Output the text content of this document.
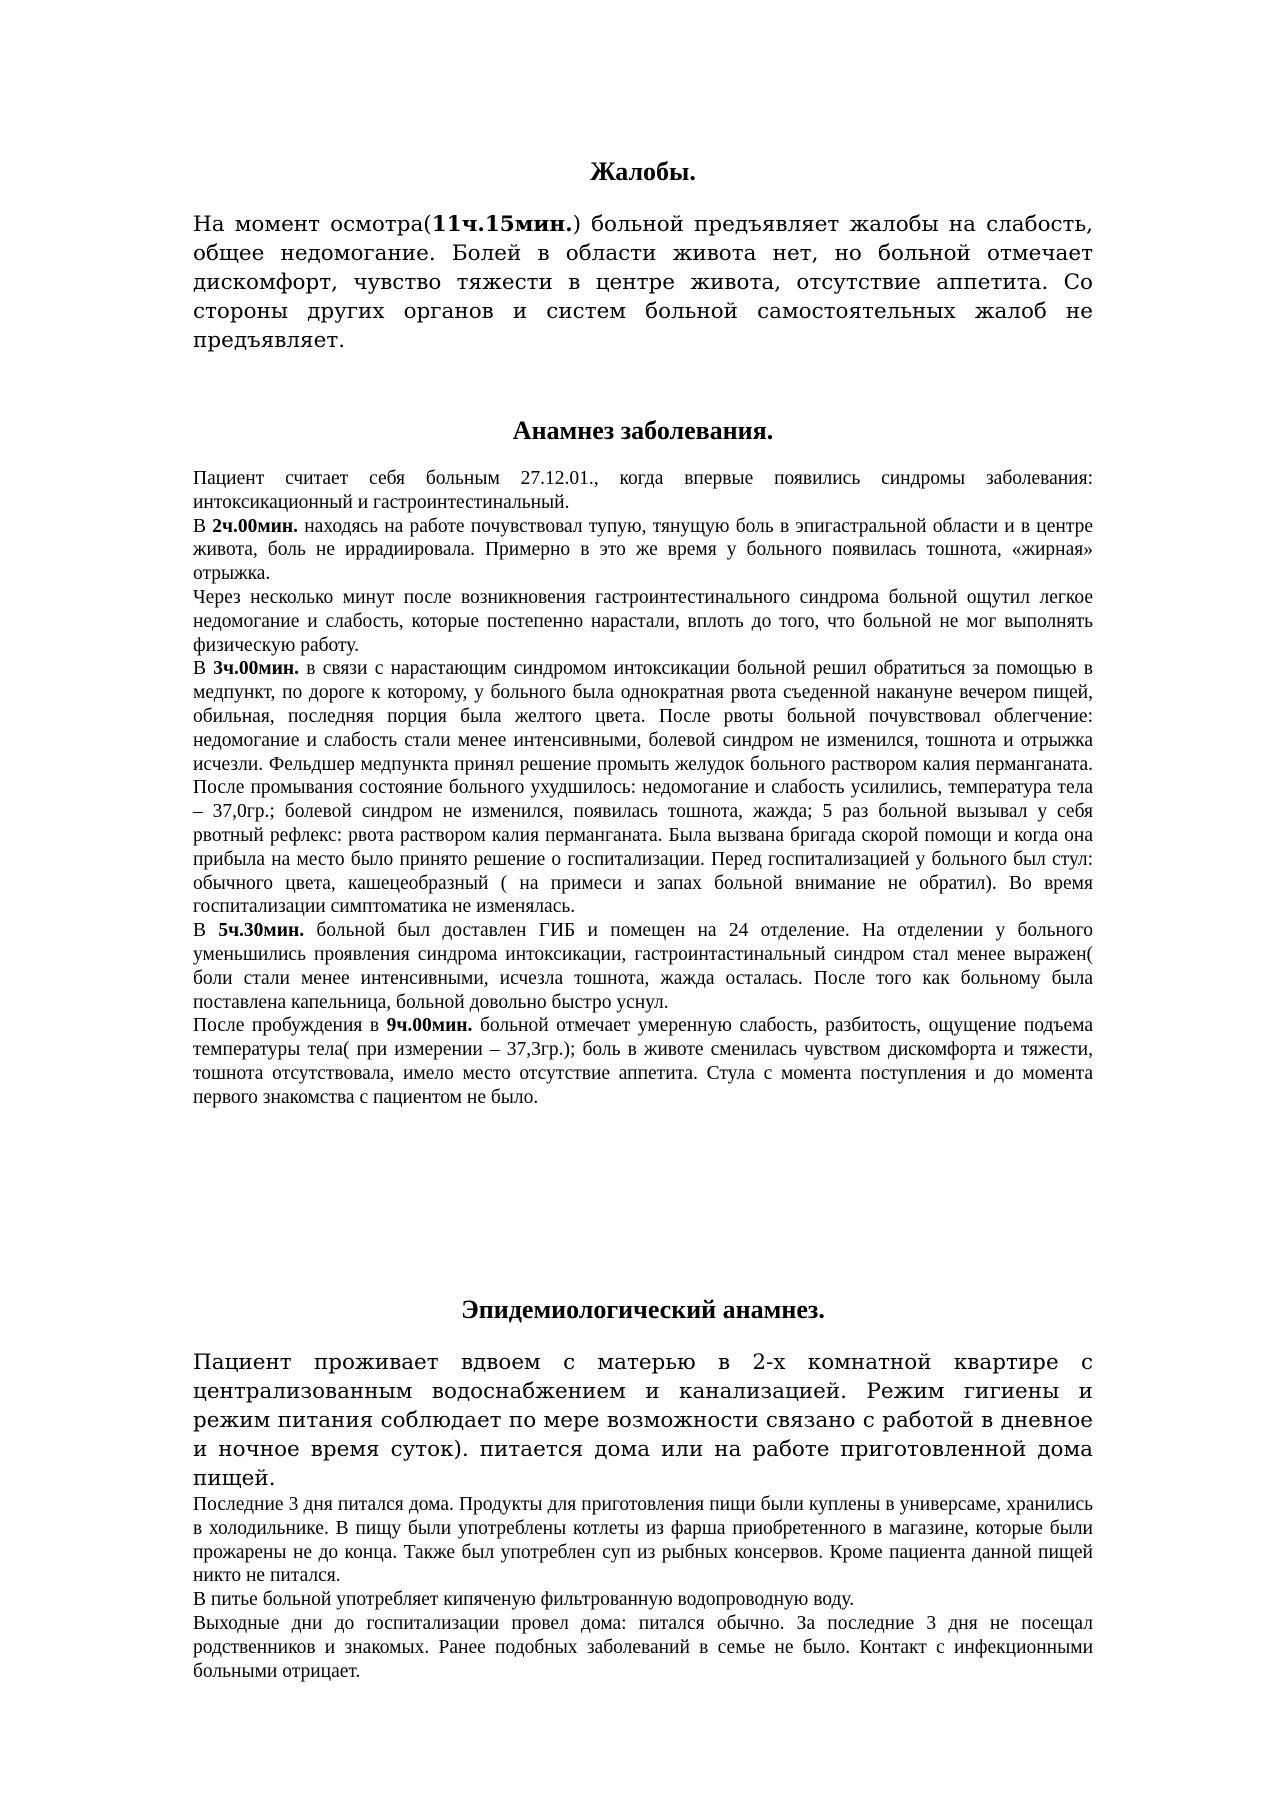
Жалобы.

На момент осмотра(11ч.15мин.) больной предъявляет жалобы на слабость, общее недомогание. Болей в области живота нет, но больной отмечает дискомфорт, чувство тяжести в центре живота, отсутствие аппетита. Со стороны других органов и систем больной самостоятельных жалоб не предъявляет.

Анамнез заболевания.

Пациент считает себя больным 27.12.01., когда впервые появились синдромы заболевания: интоксикационный и гастроинтестинальный.

В 2ч.00мин. находясь на работе почувствовал тупую, тянущую боль в эпигастральной области и в центре живота, боль не иррадиировала. Примерно в это же время у больного появилась тошнота, «жирная» отрыжка.

Через несколько минут после возникновения гастроинтестинального синдрома больной ощутил легкое недомогание и слабость, которые постепенно нарастали, вплоть до того, что больной не мог выполнять физическую работу.

В 3ч.00мин. в связи с нарастающим синдромом интоксикации больной решил обратиться за помощью в медпункт, по дороге к которому, у больного была однократная рвота съеденной накануне вечером пищей, обильная, последняя порция была желтого цвета. После рвоты больной почувствовал облегчение: недомогание и слабость стали менее интенсивными, болевой синдром не изменился, тошнота и отрыжка исчезли. Фельдшер медпункта принял решение промыть желудок больного раствором калия перманганата. После промывания состояние больного ухудшилось: недомогание и слабость усилились, температура тела – 37,0гр.; болевой синдром не изменился, появилась тошнота, жажда; 5 раз больной вызывал у себя рвотный рефлекс: рвота раствором калия перманганата. Была вызвана бригада скорой помощи и когда она прибыла на место было принято решение о госпитализации. Перед госпитализацией у больного был стул: обычного цвета, кашецеобразный ( на примеси и запах больной внимание не обратил). Во время госпитализации симптоматика не изменялась.

В 5ч.30мин. больной был доставлен ГИБ и помещен на 24 отделение. На отделении у больного уменьшились проявления синдрома интоксикации, гастроинтастинальный синдром стал менее выражен( боли стали менее интенсивными, исчезла тошнота, жажда осталась. После того как больному была поставлена капельница, больной довольно быстро уснул.

После пробуждения в 9ч.00мин. больной отмечает умеренную слабость, разбитость, ощущение подъема температуры тела( при измерении – 37,3гр.); боль в животе сменилась чувством дискомфорта и тяжести, тошнота отсутствовала, имело место отсутствие аппетита. Стула с момента поступления и до момента первого знакомства с пациентом не было.

Эпидемиологический анамнез.

Пациент проживает вдвоем с матерью в 2-х комнатной квартире с централизованным водоснабжением и канализацией. Режим гигиены и режим питания соблюдает по мере возможности связано с работой в дневное и ночное время суток). питается дома или на работе приготовленной дома пищей.

Последние 3 дня питался дома. Продукты для приготовления пищи были куплены в универсаме, хранились в холодильнике. В пищу были употреблены котлеты из фарша приобретенного в магазине, которые были прожарены не до конца. Также был употреблен суп из рыбных консервов. Кроме пациента данной пищей никто не питался.

В питье больной употребляет кипяченую фильтрованную водопроводную воду.

Выходные дни до госпитализации провел дома: питался обычно. За последние 3 дня не посещал родственников и знакомых. Ранее подобных заболеваний в семье не было. Контакт с инфекционными больными отрицает.
